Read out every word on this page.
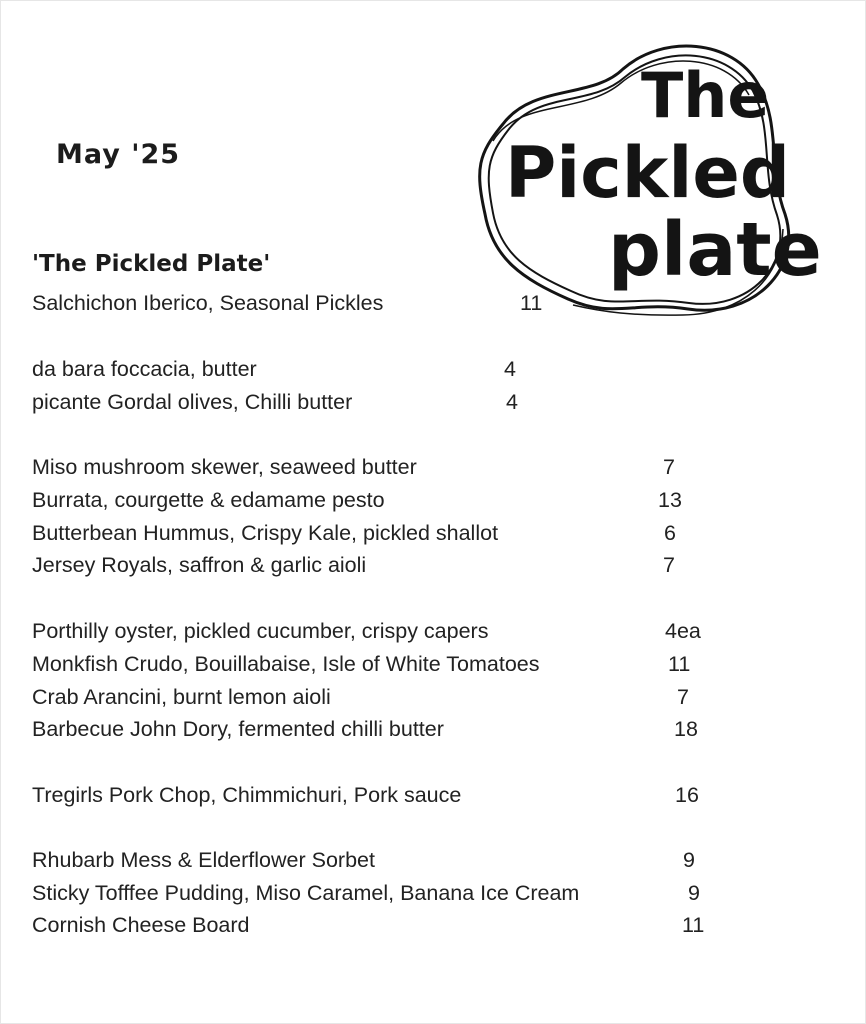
May '25
The
Pickled
plate
'The Pickled Plate'
Salchichon Iberico, Seasonal Pickles	11
da bara foccacia, butter	4
picante Gordal olives, Chilli butter	4
Miso mushroom skewer, seaweed butter	7
Burrata, courgette & edamame pesto	13
Butterbean Hummus, Crispy Kale, pickled shallot	6
Jersey Royals, saffron & garlic aioli	7
Porthilly oyster, pickled cucumber, crispy capers	4ea
Monkfish Crudo, Bouillabaise, Isle of White Tomatoes	11
Crab Arancini, burnt lemon aioli	7
Barbecue John Dory, fermented chilli butter	18
Tregirls Pork Chop, Chimmichuri, Pork sauce	16
Rhubarb Mess & Elderflower Sorbet	9
Sticky Tofffee Pudding, Miso Caramel, Banana Ice Cream	9
Cornish Cheese Board	11
